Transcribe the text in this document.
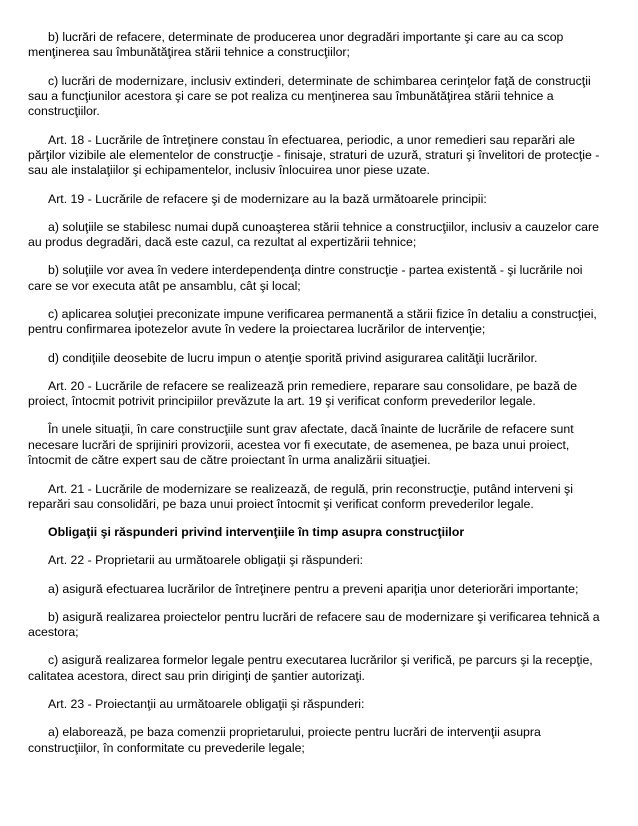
b) lucrări de refacere, determinate de producerea unor degradări importante şi care au ca scop menţinerea sau îmbunătăţirea stării tehnice a construcţiilor;

c) lucrări de modernizare, inclusiv extinderi, determinate de schimbarea cerinţelor faţă de construcţii sau a funcţiunilor acestora şi care se pot realiza cu menţinerea sau îmbunătăţirea stării tehnice a construcţiilor.

Art. 18 - Lucrările de întreţinere constau în efectuarea, periodic, a unor remedieri sau reparări ale părţilor vizibile ale elementelor de construcţie - finisaje, straturi de uzură, straturi şi învelitori de protecţie - sau ale instalaţiilor şi echipamentelor, inclusiv înlocuirea unor piese uzate.

Art. 19 - Lucrările de refacere şi de modernizare au la bază următoarele principii:

a) soluţiile se stabilesc numai după cunoaşterea stării tehnice a construcţiilor, inclusiv a cauzelor care au produs degradări, dacă este cazul, ca rezultat al expertizării tehnice;

b) soluţiile vor avea în vedere interdependenţa dintre construcţie - partea existentă - şi lucrările noi care se vor executa atât pe ansamblu, cât şi local;

c) aplicarea soluţiei preconizate impune verificarea permanentă a stării fizice în detaliu a construcţiei, pentru confirmarea ipotezelor avute în vedere la proiectarea lucrărilor de intervenţie;

d) condiţiile deosebite de lucru impun o atenţie sporită privind asigurarea calităţii lucrărilor.

Art. 20 - Lucrările de refacere se realizează prin remediere, reparare sau consolidare, pe bază de proiect, întocmit potrivit principiilor prevăzute la art. 19 şi verificat conform prevederilor legale.

În unele situaţii, în care construcţiile sunt grav afectate, dacă înainte de lucrările de refacere sunt necesare lucrări de sprijiniri provizorii, acestea vor fi executate, de asemenea, pe baza unui proiect, întocmit de către expert sau de către proiectant în urma analizării situaţiei.

Art. 21 - Lucrările de modernizare se realizează, de regulă, prin reconstrucţie, putând interveni şi reparări sau consolidări, pe baza unui proiect întocmit şi verificat conform prevederilor legale.

Obligaţii şi răspunderi privind intervenţiile în timp asupra construcţiilor

Art. 22 - Proprietarii au următoarele obligaţii şi răspunderi:

a) asigură efectuarea lucrărilor de întreţinere pentru a preveni apariţia unor deteriorări importante;

b) asigură realizarea proiectelor pentru lucrări de refacere sau de modernizare şi verificarea tehnică a acestora;

c) asigură realizarea formelor legale pentru executarea lucrărilor şi verifică, pe parcurs şi la recepţie, calitatea acestora, direct sau prin diriginţi de şantier autorizaţi.

Art. 23 - Proiectanţii au următoarele obligaţii şi răspunderi:

a) elaborează, pe baza comenzii proprietarului, proiecte pentru lucrări de intervenţii asupra construcţiilor, în conformitate cu prevederile legale;
